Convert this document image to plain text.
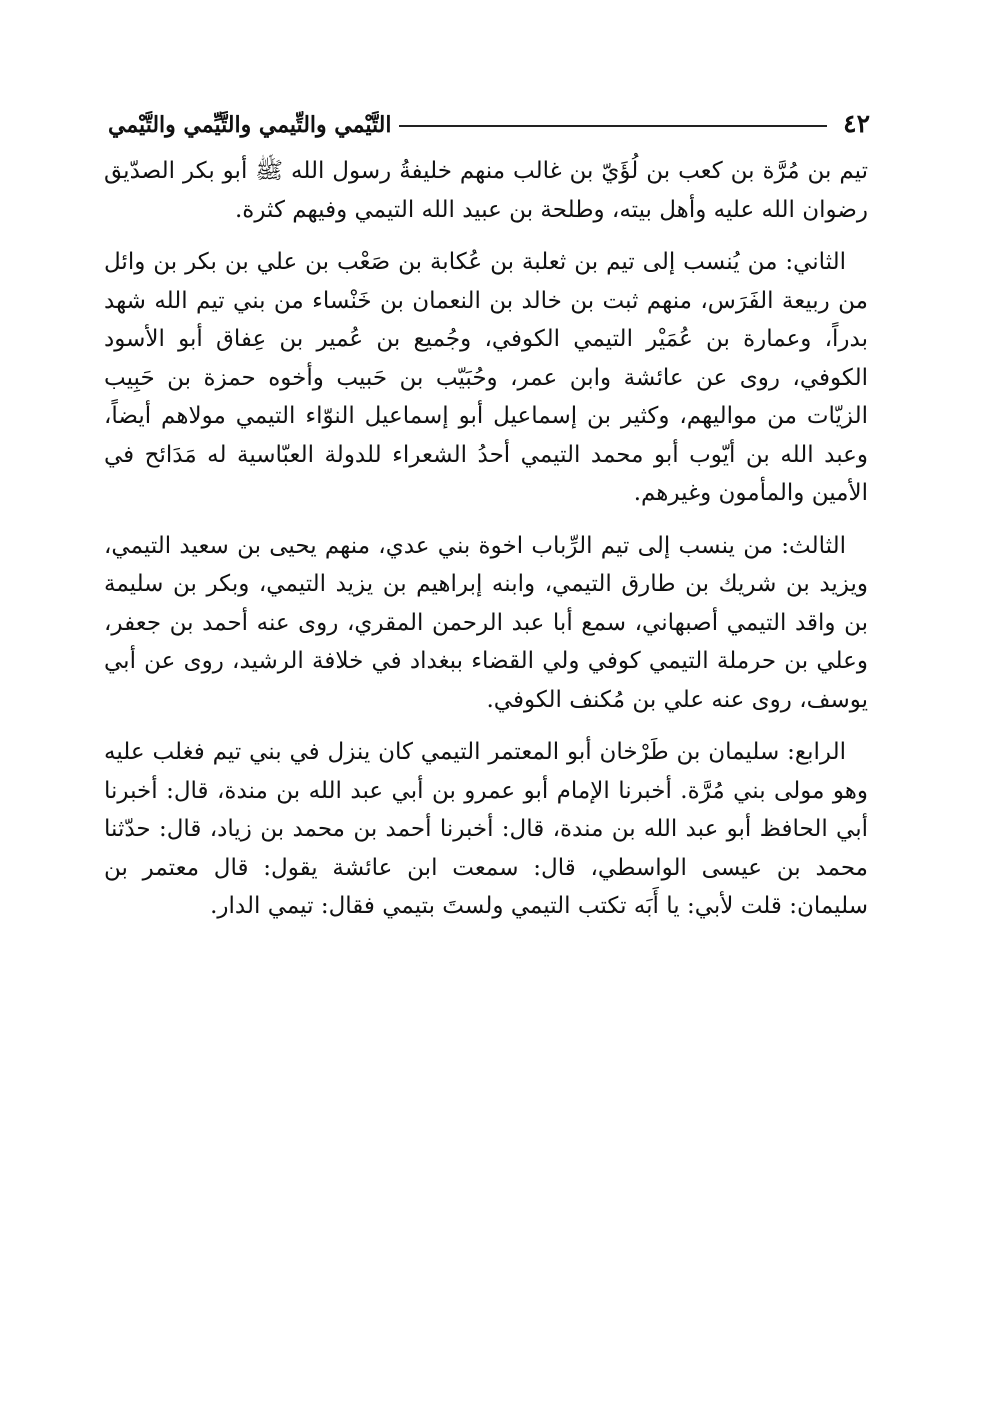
٤٢
التَّيْمي والتِّيمي والتَّيِّمي والتَّيْمي

تيم بن مُرَّة بن كعب بن لُؤَيّ بن غالب منهم خليفةُ رسول الله ﷺ أبو بكر الصدّيق رضوان الله عليه وأهل بيته، وطلحة بن عبيد الله التيمي وفيهم كثرة.

الثاني: من يُنسب إلى تيم بن ثعلبة بن عُكابة بن صَعْب بن علي بن بكر بن وائل من ربيعة الفَرَس، منهم ثبت بن خالد بن النعمان بن خَنْساء من بني تيم الله شهد بدراً، وعمارة بن عُمَيْر التيمي الكوفي، وجُميع بن عُمير بن عِفاق أبو الأسود الكوفي، روى عن عائشة وابن عمر، وحُبَيّب بن حَبيب وأخوه حمزة بن حَبِيب الزيّات من مواليهم، وكثير بن إسماعيل أبو إسماعيل النوّاء التيمي مولاهم أيضاً، وعبد الله بن أيّوب أبو محمد التيمي أحدُ الشعراء للدولة العبّاسية له مَدَائح في الأمين والمأمون وغيرهم.

الثالث: من ينسب إلى تيم الرِّباب اخوة بني عدي، منهم يحيى بن سعيد التيمي، ويزيد بن شريك بن طارق التيمي، وابنه إبراهيم بن يزيد التيمي، وبكر بن سليمة بن واقد التيمي أصبهاني، سمع أبا عبد الرحمن المقري، روى عنه أحمد بن جعفر، وعلي بن حرملة التيمي كوفي ولي القضاء ببغداد في خلافة الرشيد، روى عن أبي يوسف، روى عنه علي بن مُكنف الكوفي.

الرابع: سليمان بن طَرْخان أبو المعتمر التيمي كان ينزل في بني تيم فغلب عليه وهو مولى بني مُرَّة. أخبرنا الإمام أبو عمرو بن أبي عبد الله بن مندة، قال: أخبرنا أبي الحافظ أبو عبد الله بن مندة، قال: أخبرنا أحمد بن محمد بن زياد، قال: حدّثنا محمد بن عيسى الواسطي، قال: سمعت ابن عائشة يقول: قال معتمر بن سليمان: قلت لأبي: يا أَبَه تكتب التيمي ولستَ بتيمي فقال: تيمي الدار.
